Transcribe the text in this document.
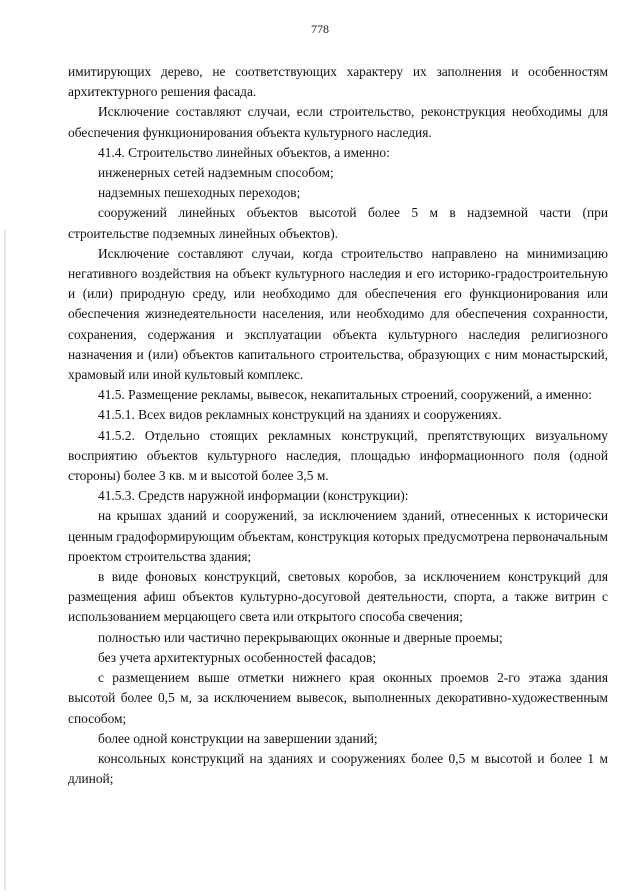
778

имитирующих дерево, не соответствующих характеру их заполнения и особенностям архитектурного решения фасада.

Исключение составляют случаи, если строительство, реконструкция необходимы для обеспечения функционирования объекта культурного наследия.

41.4. Строительство линейных объектов, а именно:

инженерных сетей надземным способом;

надземных пешеходных переходов;

сооружений линейных объектов высотой более 5 м в надземной части (при строительстве подземных линейных объектов).

Исключение составляют случаи, когда строительство направлено на минимизацию негативного воздействия на объект культурного наследия и его историко-градостроительную и (или) природную среду, или необходимо для обеспечения его функционирования или обеспечения жизнедеятельности населения, или необходимо для обеспечения сохранности, сохранения, содержания и эксплуатации объекта культурного наследия религиозного назначения и (или) объектов капитального строительства, образующих с ним монастырский, храмовый или иной культовый комплекс.

41.5. Размещение рекламы, вывесок, некапитальных строений, сооружений, а именно:

41.5.1. Всех видов рекламных конструкций на зданиях и сооружениях.

41.5.2. Отдельно стоящих рекламных конструкций, препятствующих визуальному восприятию объектов культурного наследия, площадью информационного поля (одной стороны) более 3 кв. м и высотой более 3,5 м.

41.5.3. Средств наружной информации (конструкции):

на крышах зданий и сооружений, за исключением зданий, отнесенных к исторически ценным градоформирующим объектам, конструкция которых предусмотрена первоначальным проектом строительства здания;

в виде фоновых конструкций, световых коробов, за исключением конструкций для размещения афиш объектов культурно-досуговой деятельности, спорта, а также витрин с использованием мерцающего света или открытого способа свечения;

полностью или частично перекрывающих оконные и дверные проемы;

без учета архитектурных особенностей фасадов;

с размещением выше отметки нижнего края оконных проемов 2-го этажа здания высотой более 0,5 м, за исключением вывесок, выполненных декоративно-художественным способом;

более одной конструкции на завершении зданий;

консольных конструкций на зданиях и сооружениях более 0,5 м высотой и более 1 м длиной;
